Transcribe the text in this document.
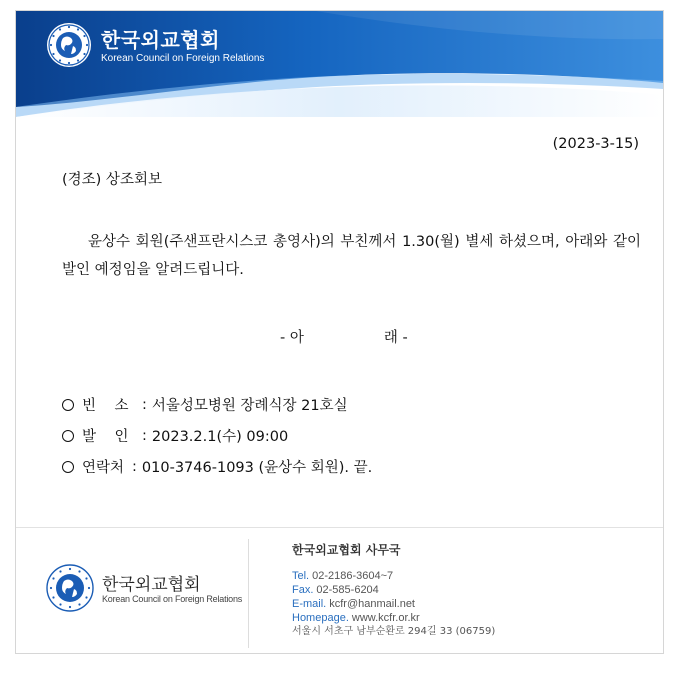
한국외교협회
Korean Council on Foreign Relations
(2023-3-15)
(경조) 상조회보

윤상수 회원(주샌프란시스코 총영사)의 부친께서 1.30(월) 별세 하셨으며, 아래와 같이 발인 예정임을 알려드립니다.

- 아	래 -
빈    소 : 서울성모병원 장례식장 21호실
발    인 : 2023.2.1(수) 09:00
연락처 : 010-3746-1093 (윤상수 회원). 끝.
한국외교협회
Korean Council on Foreign Relations
한국외교협회 사무국
Tel. 02-2186-3604~7
Fax. 02-585-6204
E-mail. kcfr@hanmail.net
Homepage. www.kcfr.or.kr
서울시 서초구 남부순환로 294길 33 (06759)
